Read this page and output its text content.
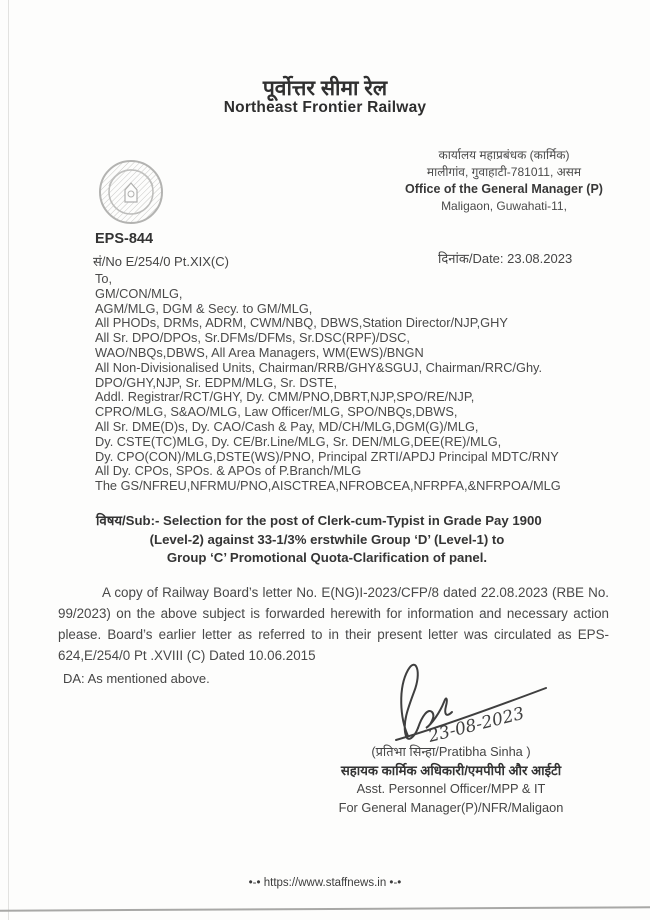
पूर्वोत्तर सीमा रेल
Northeast Frontier Railway
कार्यालय महाप्रबंधक (कार्मिक)
मालीगांव, गुवाहाटी-781011, असम
Office of the General Manager (P)
Maligaon, Guwahati-11,
EPS-844
सं/No E/254/0 Pt.XIX(C)	दिनांक/Date: 23.08.2023
To,
GM/CON/MLG,
AGM/MLG, DGM & Secy. to GM/MLG,
All PHODs, DRMs, ADRM, CWM/NBQ, DBWS,Station Director/NJP,GHY
All Sr. DPO/DPOs, Sr.DFMs/DFMs, Sr.DSC(RPF)/DSC,
WAO/NBQs,DBWS, All Area Managers, WM(EWS)/BNGN
All Non-Divisionalised Units, Chairman/RRB/GHY&SGUJ, Chairman/RRC/Ghy.
DPO/GHY,NJP, Sr. EDPM/MLG, Sr. DSTE,
Addl. Registrar/RCT/GHY, Dy. CMM/PNO,DBRT,NJP,SPO/RE/NJP,
CPRO/MLG, S&AO/MLG, Law Officer/MLG, SPO/NBQs,DBWS,
All Sr. DME(D)s, Dy. CAO/Cash & Pay, MD/CH/MLG,DGM(G)/MLG,
Dy. CSTE(TC)MLG, Dy. CE/Br.Line/MLG, Sr. DEN/MLG,DEE(RE)/MLG,
Dy. CPO(CON)/MLG,DSTE(WS)/PNO, Principal ZRTI/APDJ Principal MDTC/RNY
All Dy. CPOs, SPOs. & APOs of P.Branch/MLG
The GS/NFREU,NFRMU/PNO,AISCTREA,NFROBCEA,NFRPFA,&NFRPOA/MLG
विषय/Sub:- Selection for the post of Clerk-cum-Typist in Grade Pay 1900
(Level-2) against 33-1/3% erstwhile Group ‘D’ (Level-1) to
Group ‘C’ Promotional Quota-Clarification of panel.
A copy of Railway Board’s letter No. E(NG)I-2023/CFP/8 dated 22.08.2023 (RBE No. 99/2023) on the above subject is forwarded herewith for information and necessary action please. Board’s earlier letter as referred to in their present letter was circulated as EPS-624,E/254/0 Pt .XVIII (C) Dated 10.06.2015
DA: As mentioned above.
23-08-2023
(प्रतिभा सिन्हा/Pratibha Sinha )
सहायक कार्मिक अधिकारी/एमपीपी और आईटी
Asst. Personnel Officer/MPP & IT
For General Manager(P)/NFR/Maligaon
•-• https://www.staffnews.in •-•
